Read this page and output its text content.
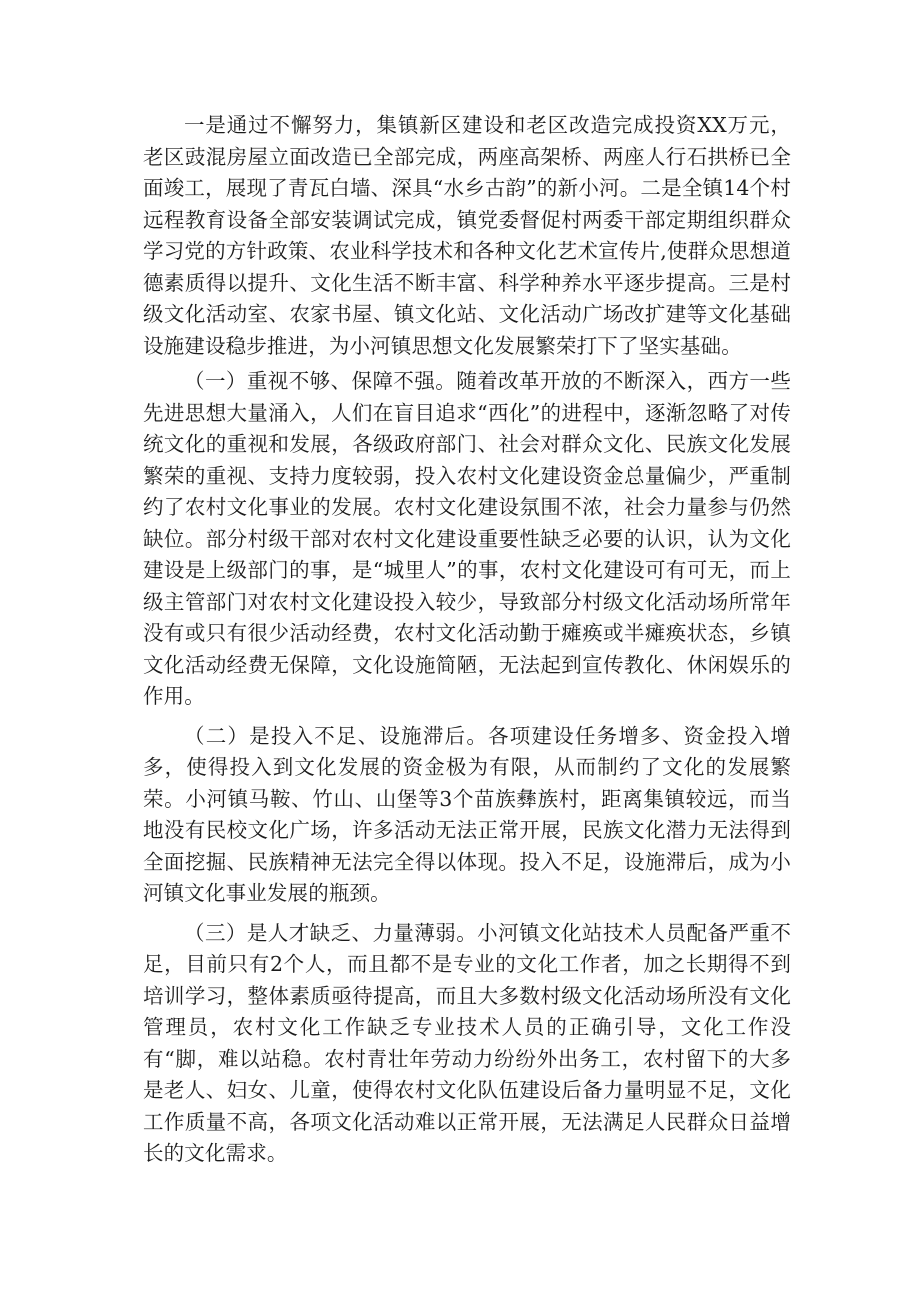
一是通过不懈努力，集镇新区建设和老区改造完成投资XX万元，老区豉混房屋立面改造已全部完成，两座高架桥、两座人行石拱桥已全面竣工，展现了青瓦白墙、深具“水乡古韵”的新小河。二是全镇14个村远程教育设备全部安装调试完成，镇党委督促村两委干部定期组织群众学习党的方针政策、农业科学技术和各种文化艺术宣传片,使群众思想道德素质得以提升、文化生活不断丰富、科学种养水平逐步提高。三是村级文化活动室、农家书屋、镇文化站、文化活动广场改扩建等文化基础设施建设稳步推进，为小河镇思想文化发展繁荣打下了坚实基础。

（一）重视不够、保障不强。随着改革开放的不断深入，西方一些先进思想大量涌入，人们在盲目追求“西化”的进程中，逐渐忽略了对传统文化的重视和发展，各级政府部门、社会对群众文化、民族文化发展繁荣的重视、支持力度较弱，投入农村文化建设资金总量偏少，严重制约了农村文化事业的发展。农村文化建设氛围不浓，社会力量参与仍然缺位。部分村级干部对农村文化建设重要性缺乏必要的认识，认为文化建设是上级部门的事，是“城里人”的事，农村文化建设可有可无，而上级主管部门对农村文化建设投入较少，导致部分村级文化活动场所常年没有或只有很少活动经费，农村文化活动勤于瘫痪或半瘫痪状态，乡镇文化活动经费无保障，文化设施简陋，无法起到宣传教化、休闲娱乐的作用。

（二）是投入不足、设施滞后。各项建设任务增多、资金投入增多，使得投入到文化发展的资金极为有限，从而制约了文化的发展繁荣。小河镇马鞍、竹山、山堡等3个苗族彝族村，距离集镇较远，而当地没有民校文化广场，许多活动无法正常开展，民族文化潜力无法得到全面挖掘、民族精神无法完全得以体现。投入不足，设施滞后，成为小河镇文化事业发展的瓶颈。

（三）是人才缺乏、力量薄弱。小河镇文化站技术人员配备严重不足，目前只有2个人，而且都不是专业的文化工作者，加之长期得不到培训学习，整体素质亟待提高，而且大多数村级文化活动场所没有文化管理员，农村文化工作缺乏专业技术人员的正确引导，文化工作没有“脚，难以站稳。农村青壮年劳动力纷纷外出务工，农村留下的大多是老人、妇女、儿童，使得农村文化队伍建设后备力量明显不足，文化工作质量不高，各项文化活动难以正常开展，无法满足人民群众日益增长的文化需求。
